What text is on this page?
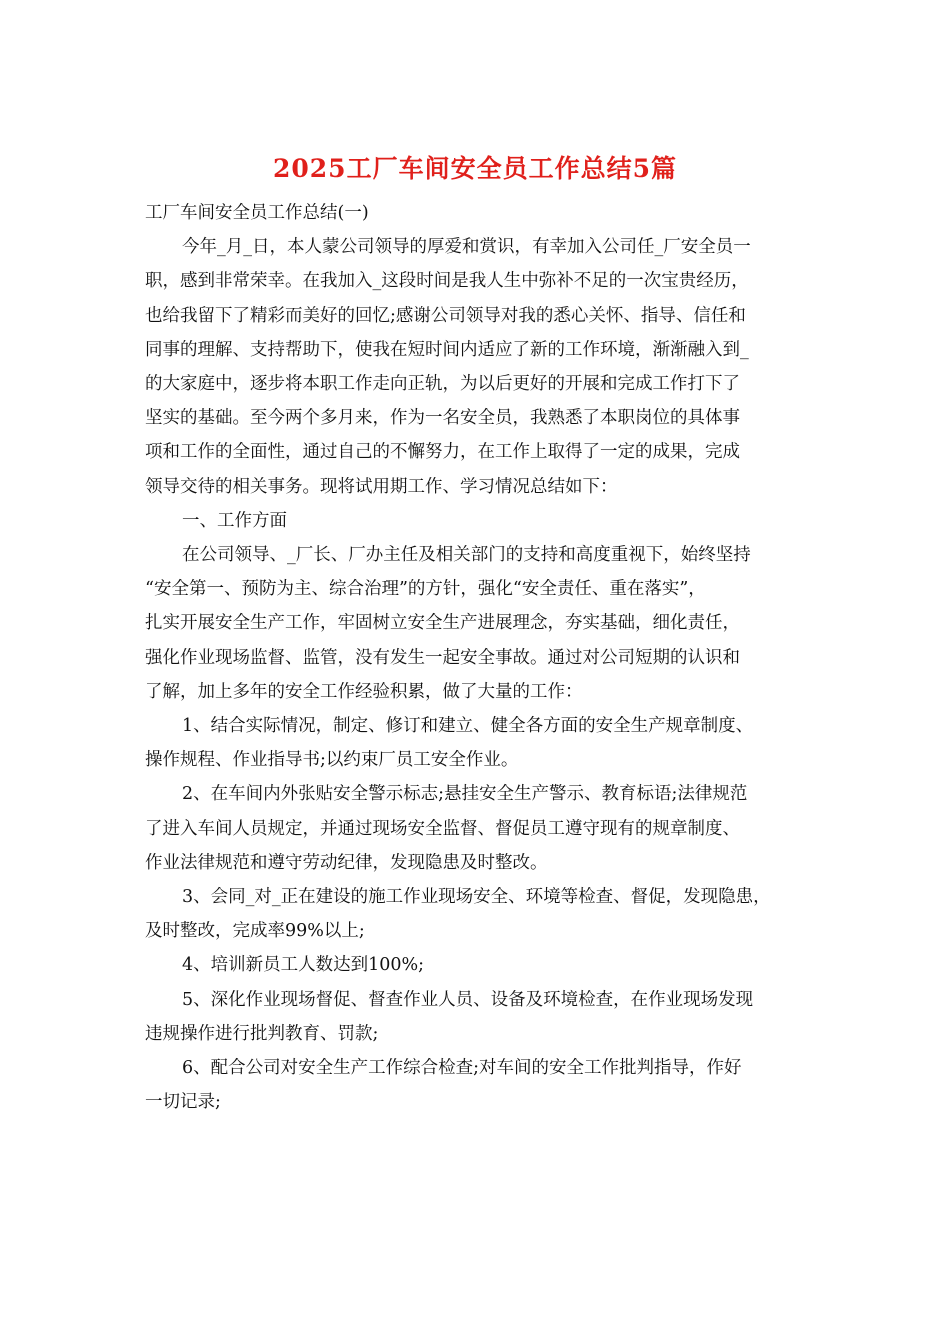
2025工厂车间安全员工作总结5篇

工厂车间安全员工作总结(一)

今年_月_日，本人蒙公司领导的厚爱和赏识，有幸加入公司任_厂安全员一
职，感到非常荣幸。在我加入_这段时间是我人生中弥补不足的一次宝贵经历，
也给我留下了精彩而美好的回忆;感谢公司领导对我的悉心关怀、指导、信任和
同事的理解、支持帮助下，使我在短时间内适应了新的工作环境，渐渐融入到_
的大家庭中，逐步将本职工作走向正轨，为以后更好的开展和完成工作打下了
坚实的基础。至今两个多月来，作为一名安全员，我熟悉了本职岗位的具体事
项和工作的全面性，通过自己的不懈努力，在工作上取得了一定的成果，完成
领导交待的相关事务。现将试用期工作、学习情况总结如下：

一、工作方面

在公司领导、_厂长、厂办主任及相关部门的支持和高度重视下，始终坚持
“安全第一、预防为主、综合治理”的方针，强化“安全责任、重在落实”，
扎实开展安全生产工作，牢固树立安全生产进展理念，夯实基础，细化责任，
强化作业现场监督、监管，没有发生一起安全事故。通过对公司短期的认识和
了解，加上多年的安全工作经验积累，做了大量的工作：

1、结合实际情况，制定、修订和建立、健全各方面的安全生产规章制度、
操作规程、作业指导书;以约束厂员工安全作业。

2、在车间内外张贴安全警示标志;悬挂安全生产警示、教育标语;法律规范
了进入车间人员规定，并通过现场安全监督、督促员工遵守现有的规章制度、
作业法律规范和遵守劳动纪律，发现隐患及时整改。

3、会同_对_正在建设的施工作业现场安全、环境等检查、督促，发现隐患，
及时整改，完成率99%以上;

4、培训新员工人数达到100%;

5、深化作业现场督促、督查作业人员、设备及环境检查，在作业现场发现
违规操作进行批判教育、罚款;

6、配合公司对安全生产工作综合检查;对车间的安全工作批判指导，作好
一切记录;
